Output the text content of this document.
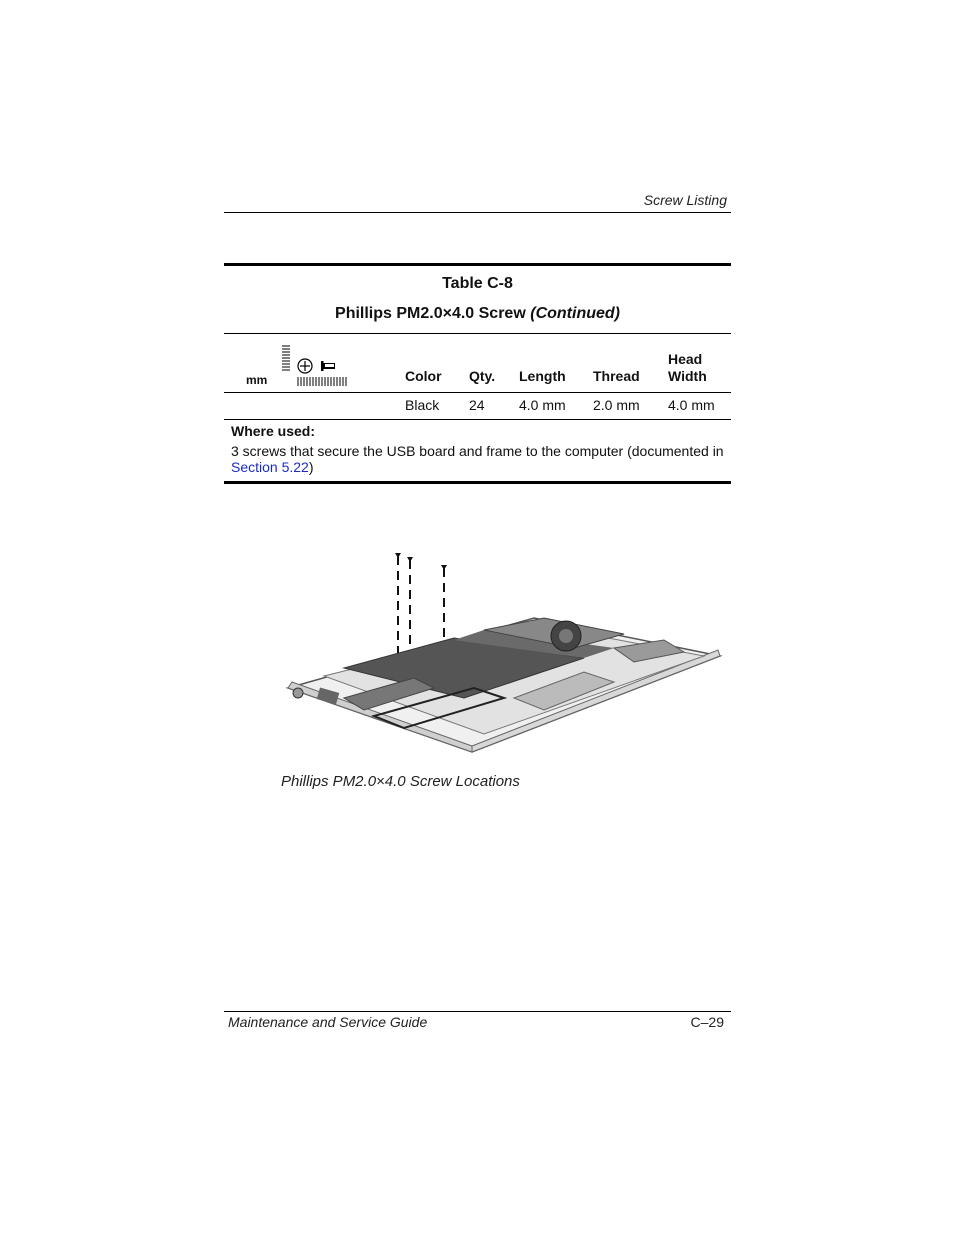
Screw Listing
Table C-8
Phillips PM2.0×4.0 Screw (Continued)
mm	Color Qty. Length Thread
Head
Width
Black 24 4.0 mm 2.0 mm 4.0 mm
Where used:
3 screws that secure the USB board and frame to the computer (documented in Section 5.22)
Phillips PM2.0×4.0 Screw Locations
Maintenance and Service Guide	C–29
